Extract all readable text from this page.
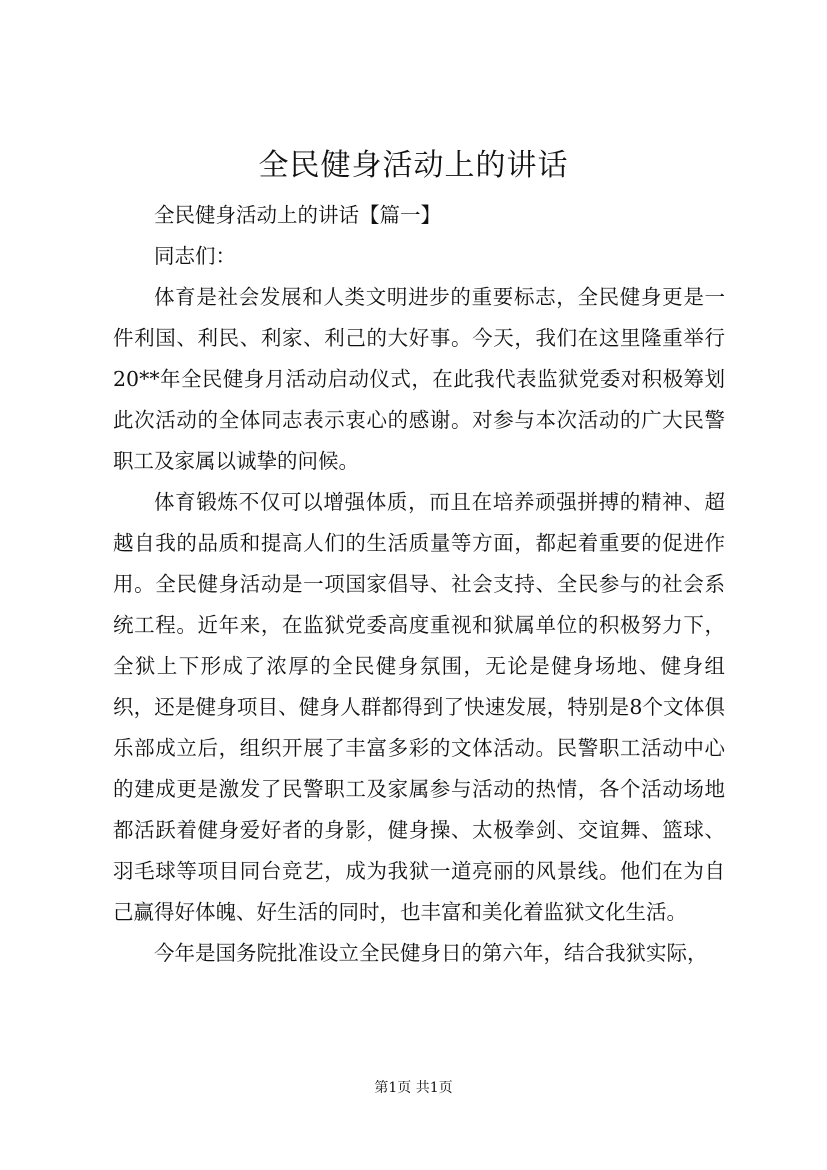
全民健身活动上的讲话

全民健身活动上的讲话【篇一】

同志们：

体育是社会发展和人类文明进步的重要标志，全民健身更是一件利国、利民、利家、利己的大好事。今天，我们在这里隆重举行20**年全民健身月活动启动仪式，在此我代表监狱党委对积极筹划此次活动的全体同志表示衷心的感谢。对参与本次活动的广大民警职工及家属以诚挚的问候。

体育锻炼不仅可以增强体质，而且在培养顽强拼搏的精神、超越自我的品质和提高人们的生活质量等方面，都起着重要的促进作用。全民健身活动是一项国家倡导、社会支持、全民参与的社会系统工程。近年来，在监狱党委高度重视和狱属单位的积极努力下，全狱上下形成了浓厚的全民健身氛围，无论是健身场地、健身组织，还是健身项目、健身人群都得到了快速发展，特别是8个文体俱乐部成立后，组织开展了丰富多彩的文体活动。民警职工活动中心的建成更是激发了民警职工及家属参与活动的热情，各个活动场地都活跃着健身爱好者的身影，健身操、太极拳剑、交谊舞、篮球、羽毛球等项目同台竞艺，成为我狱一道亮丽的风景线。他们在为自己赢得好体魄、好生活的同时，也丰富和美化着监狱文化生活。

今年是国务院批准设立全民健身日的第六年，结合我狱实际，

第1页 共1页
